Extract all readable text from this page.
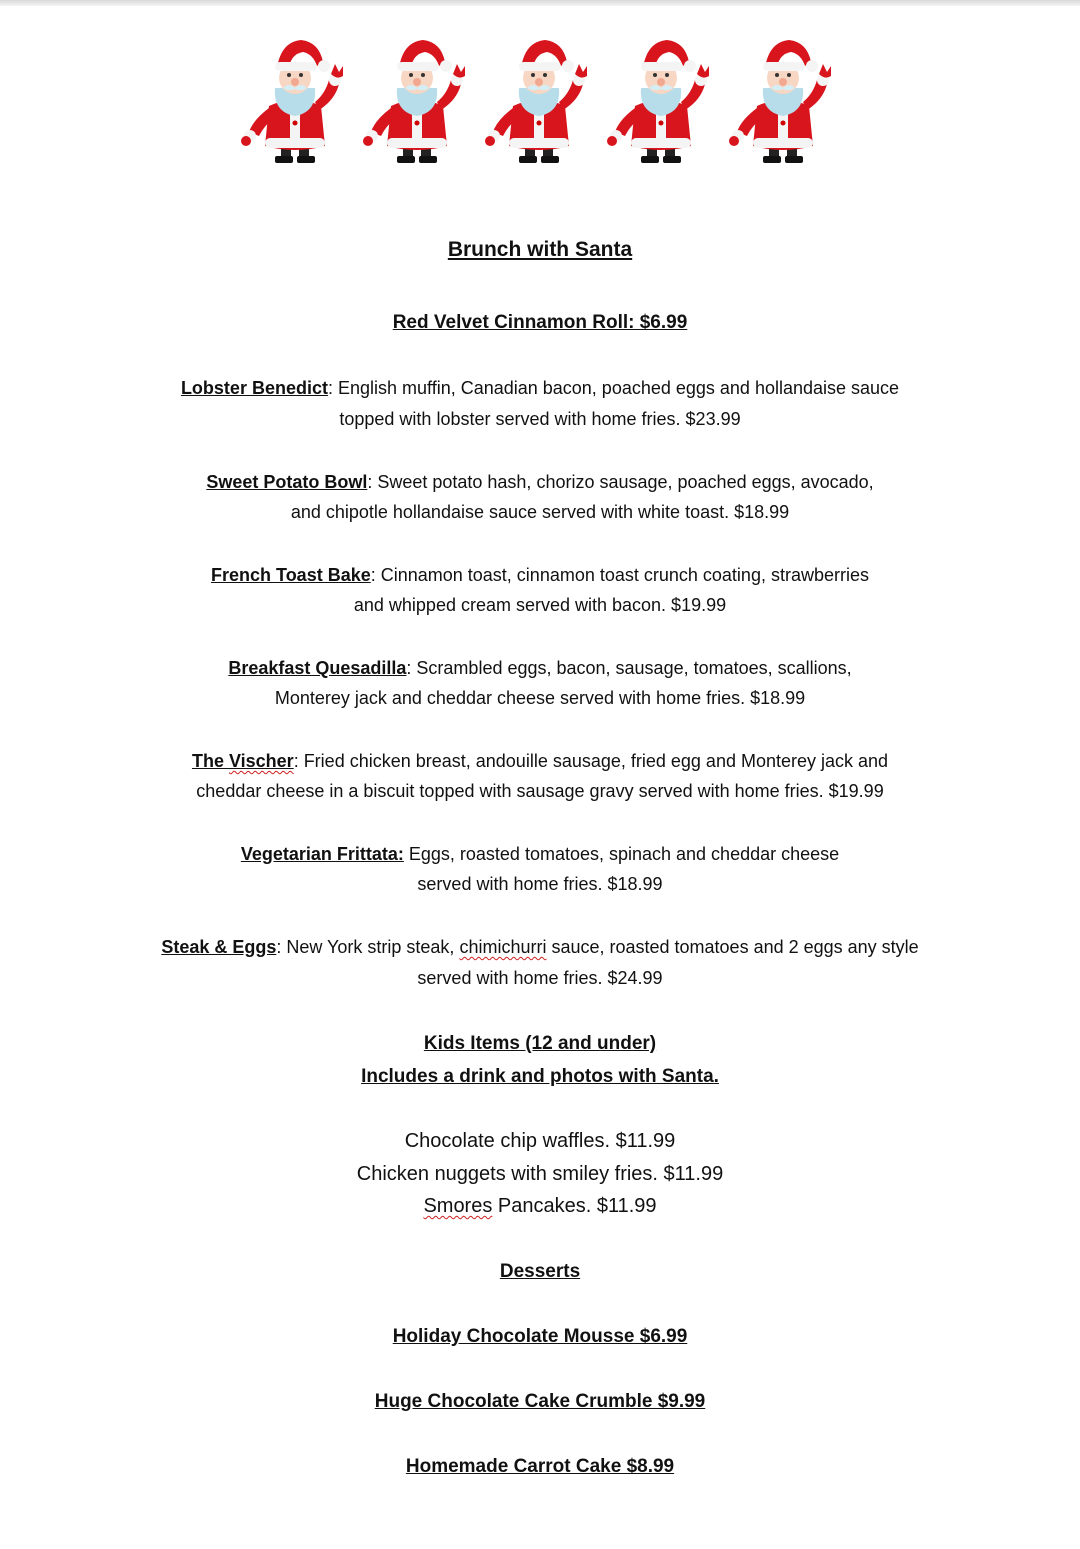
Brunch with Santa
Red Velvet Cinnamon Roll: $6.99
Lobster Benedict: English muffin, Canadian bacon, poached eggs and hollandaise sauce
topped with lobster served with home fries. $23.99
Sweet Potato Bowl: Sweet potato hash, chorizo sausage, poached eggs, avocado,
and chipotle hollandaise sauce served with white toast. $18.99
French Toast Bake: Cinnamon toast, cinnamon toast crunch coating, strawberries
and whipped cream served with bacon. $19.99
Breakfast Quesadilla: Scrambled eggs, bacon, sausage, tomatoes, scallions,
Monterey jack and cheddar cheese served with home fries. $18.99
The Vischer: Fried chicken breast, andouille sausage, fried egg and Monterey jack and
cheddar cheese in a biscuit topped with sausage gravy served with home fries. $19.99
Vegetarian Frittata: Eggs, roasted tomatoes, spinach and cheddar cheese
served with home fries. $18.99
Steak & Eggs: New York strip steak, chimichurri sauce, roasted tomatoes and 2 eggs any style
served with home fries. $24.99
Kids Items (12 and under)
Includes a drink and photos with Santa.
Chocolate chip waffles. $11.99
Chicken nuggets with smiley fries. $11.99
Smores Pancakes. $11.99
Desserts
Holiday Chocolate Mousse $6.99
Huge Chocolate Cake Crumble $9.99
Homemade Carrot Cake $8.99
